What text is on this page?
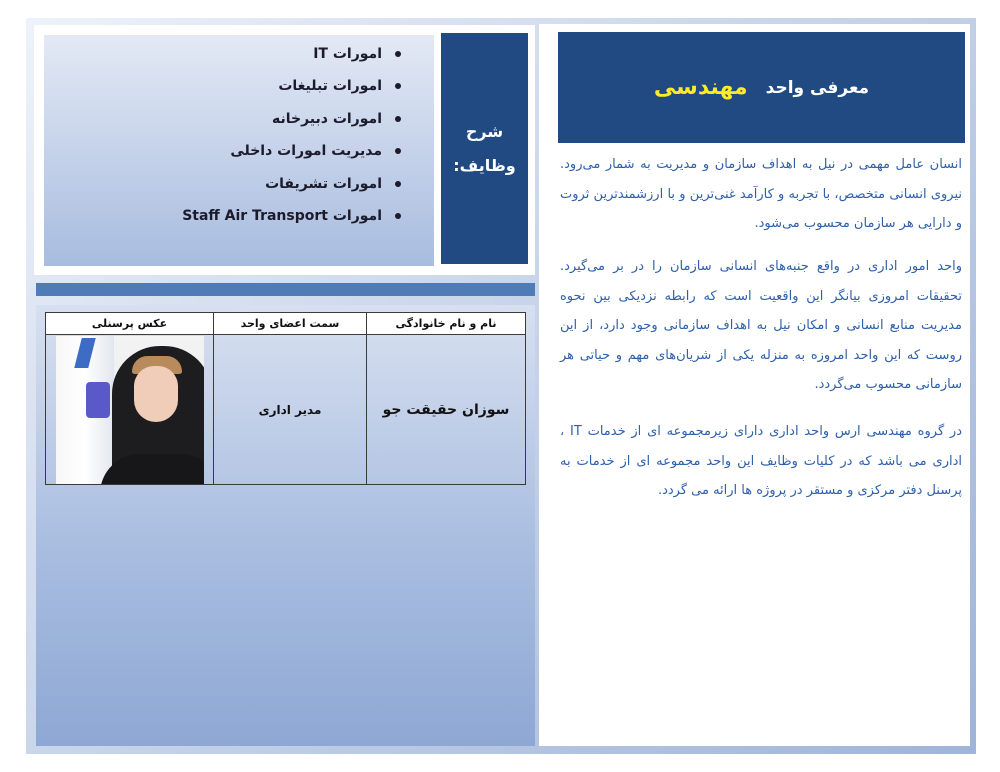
معرفی واحد
مهندسی

انسان عامل مهمی در نیل به اهداف سازمان و مدیریت به شمار می‌رود. نیروی انسانی متخصص، با تجربه و کارآمد غنی‌ترین و با ارزشمندترین ثروت و دارایی هر سازمان محسوب می‌شود.

واحد امور اداری در واقع جنبه‌های انسانی سازمان را در بر می‌گیرد. تحقیقات امروزی بیانگر این واقعیت است که رابطه نزدیکی بین نحوه مدیریت منابع انسانی و امکان نیل به اهداف سازمانی وجود دارد، از این روست که این واحد امروزه به منزله یکی از شریان‌های مهم و حیاتی هر سازمانی محسوب می‌گردد.

در گروه مهندسی ارس واحد اداری دارای زیرمجموعه ای از خدمات IT ، اداری می باشد که در کلیات وظایف این واحد مجموعه ای از خدمات به پرسنل دفتر مرکزی و مستقر در پروژه ها ارائه می گردد.

امورات IT
امورات تبلیغات
امورات دبیرخانه
مدیریت امورات داخلی
امورات تشریفات
امورات Staff Air Transport
شرح
وظایف:
نام و نام خانوادگی	سمت اعضای واحد	عکس پرسنلی
سوزان حقیقت جو	مدیر اداری	
